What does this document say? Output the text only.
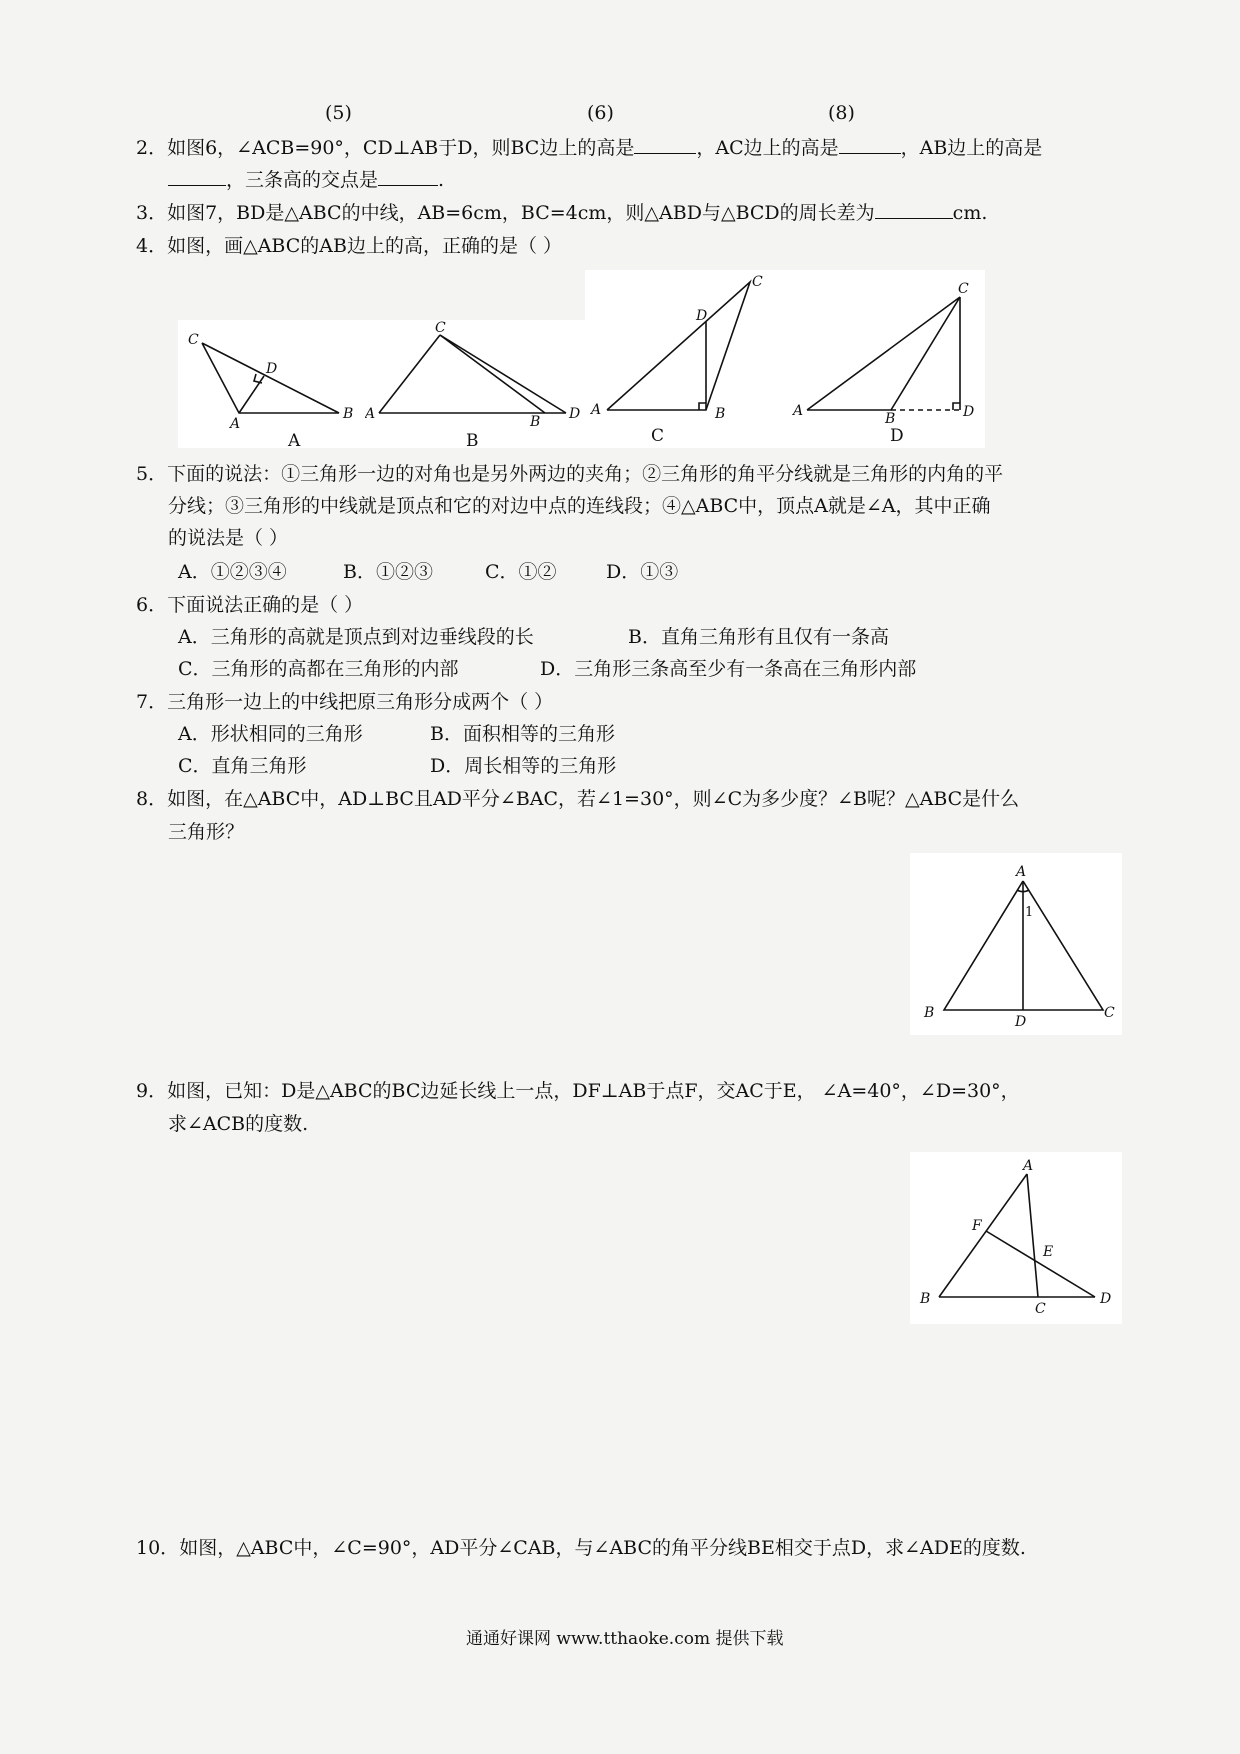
(5)	(6)	(8)
2．如图6，∠ACB=90°，CD⊥AB于D，则BC边上的高是	，AC边上的高是	，AB边上的高是
，三条高的交点是	.
3．如图7，BD是△ABC的中线，AB=6cm，BC=4cm，则△ABD与△BCD的周长差为	cm.
4．如图，画△ABC的AB边上的高，正确的是（ ）
C
D
A
B
A
C
A	B D
B
C
D
A	B
C
C
A	B	D
D
5．下面的说法：①三角形一边的对角也是另外两边的夹角；②三角形的角平分线就是三角形的内角的平
分线；③三角形的中线就是顶点和它的对边中点的连线段；④△ABC中，顶点A就是∠A，其中正确
的说法是（ ）
A．①②③④	B．①②③	C．①②	D．①③
6．下面说法正确的是（ ）
A．三角形的高就是顶点到对边垂线段的长	B．直角三角形有且仅有一条高
C．三角形的高都在三角形的内部	D．三角形三条高至少有一条高在三角形内部
7．三角形一边上的中线把原三角形分成两个（ ）
A．形状相同的三角形	B．面积相等的三角形
C．直角三角形	D．周长相等的三角形
8．如图，在△ABC中，AD⊥BC且AD平分∠BAC，若∠1=30°，则∠C为多少度？∠B呢？△ABC是什么
三角形？
A
1
B
D
C
9．如图，已知：D是△ABC的BC边延长线上一点，DF⊥AB于点F，交AC于E， ∠A=40°，∠D=30°，
求∠ACB的度数.
A
F
E
B
C
D
10．如图，△ABC中，∠C=90°，AD平分∠CAB，与∠ABC的角平分线BE相交于点D，求∠ADE的度数.
通通好课网 www.tthaoke.com 提供下载
